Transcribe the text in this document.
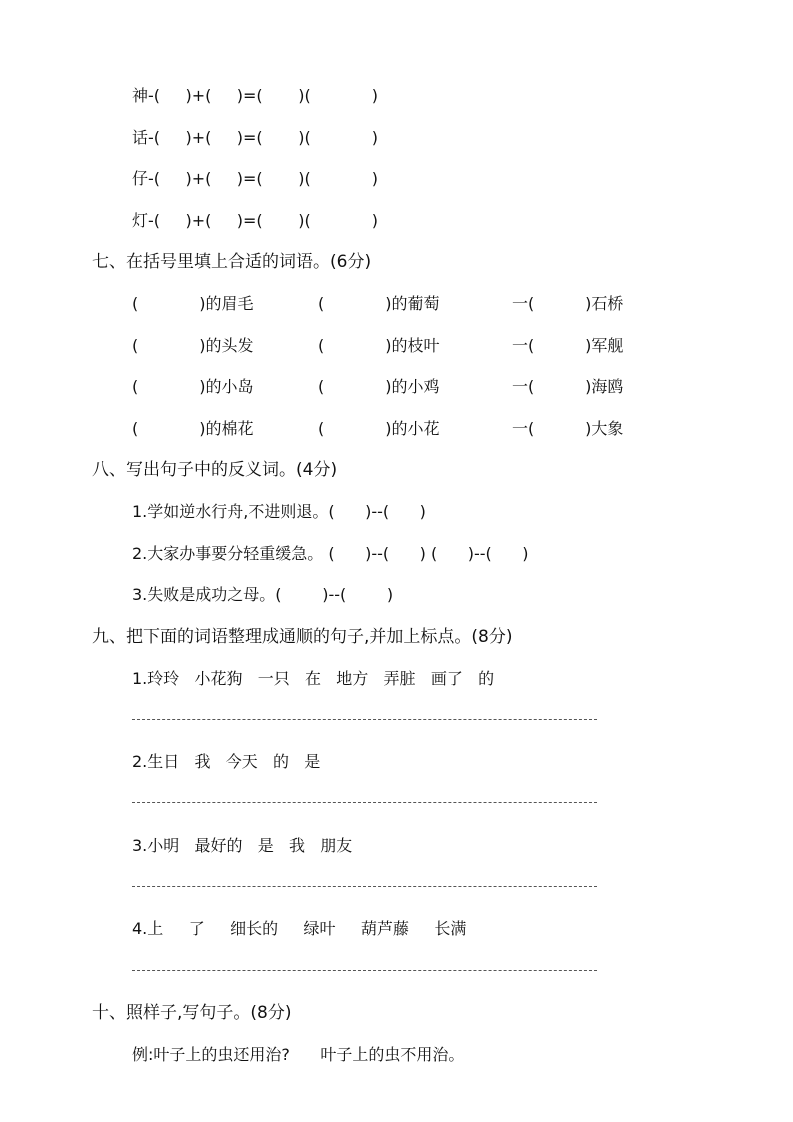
神-(     )+(     )=(       )(            )
话-(     )+(     )=(       )(            )
仔-(     )+(     )=(       )(            )
灯-(     )+(     )=(       )(            )
七、在括号里填上合适的词语。(6分)
(            )的眉毛	(            )的葡萄	一(          )石桥
(            )的头发	(            )的枝叶	一(          )军舰
(            )的小岛	(            )的小鸡	一(          )海鸥
(            )的棉花	(            )的小花	一(          )大象
八、写出句子中的反义词。(4分)
1.学如逆水行舟,不进则退。(      )--(      )
2.大家办事要分轻重缓急。 (      )--(      ) (      )--(      )
3.失败是成功之母。(        )--(        )
九、把下面的词语整理成通顺的句子,并加上标点。(8分)
1.玲玲   小花狗   一只   在   地方   弄脏   画了   的
2.生日   我   今天   的   是
3.小明   最好的   是   我   朋友
4.上     了     细长的     绿叶     葫芦藤     长满
十、照样子,写句子。(8分)
例:叶子上的虫还用治?      叶子上的虫不用治。
